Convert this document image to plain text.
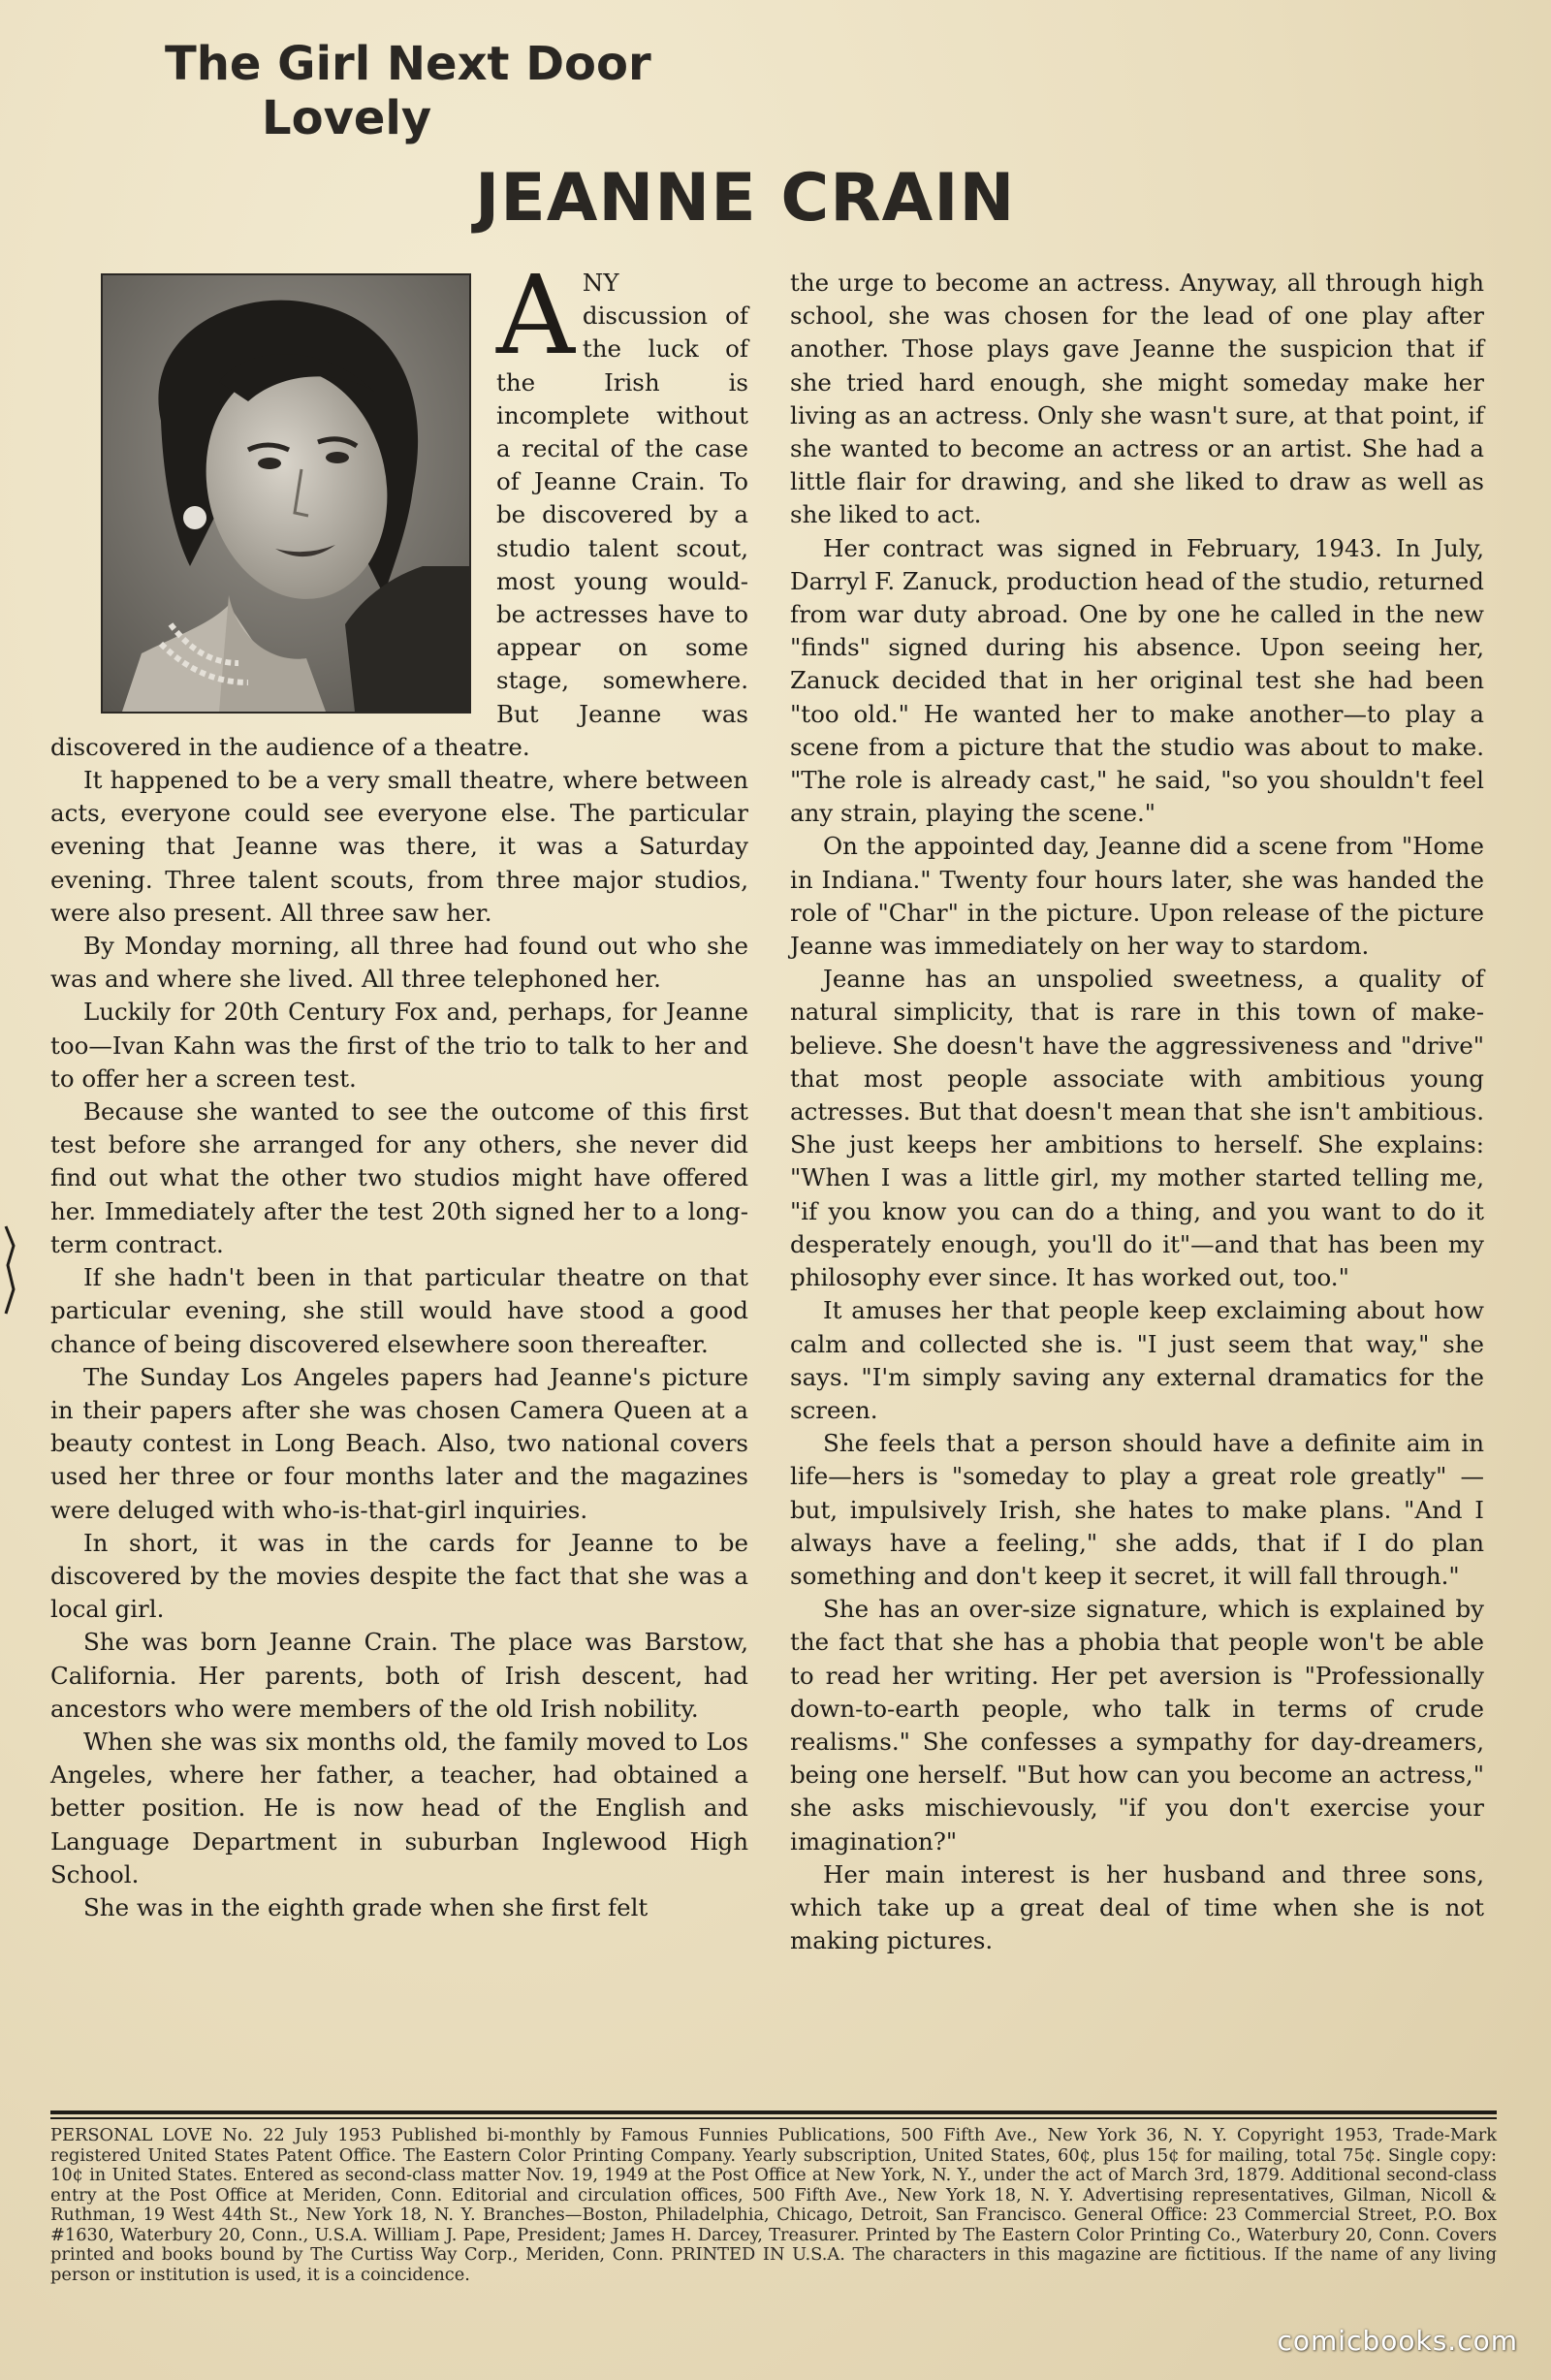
The Girl Next Door
Lovely
JEANNE CRAIN

ANY discussion of the luck of the Irish is incomplete without a recital of the case of Jeanne Crain. To be discovered by a studio talent scout, most young would-be actresses have to appear on some stage, somewhere. But Jeanne was discovered in the audience of a theatre.

It happened to be a very small theatre, where between acts, everyone could see everyone else. The particular evening that Jeanne was there, it was a Saturday evening. Three talent scouts, from three major studios, were also present. All three saw her.

By Monday morning, all three had found out who she was and where she lived. All three telephoned her.

Luckily for 20th Century Fox and, perhaps, for Jeanne too—Ivan Kahn was the first of the trio to talk to her and to offer her a screen test.

Because she wanted to see the outcome of this first test before she arranged for any others, she never did find out what the other two studios might have offered her. Immediately after the test 20th signed her to a long-term contract.

If she hadn't been in that particular theatre on that particular evening, she still would have stood a good chance of being discovered elsewhere soon thereafter.

The Sunday Los Angeles papers had Jeanne's picture in their papers after she was chosen Camera Queen at a beauty contest in Long Beach. Also, two national covers used her three or four months later and the magazines were deluged with who-is-that-girl inquiries.

In short, it was in the cards for Jeanne to be discovered by the movies despite the fact that she was a local girl.

She was born Jeanne Crain. The place was Barstow, California. Her parents, both of Irish descent, had ancestors who were members of the old Irish nobility.

When she was six months old, the family moved to Los Angeles, where her father, a teacher, had obtained a better position. He is now head of the English and Language Department in suburban Inglewood High School.

She was in the eighth grade when she first felt

the urge to become an actress. Anyway, all through high school, she was chosen for the lead of one play after another. Those plays gave Jeanne the suspicion that if she tried hard enough, she might someday make her living as an actress. Only she wasn't sure, at that point, if she wanted to become an actress or an artist. She had a little flair for drawing, and she liked to draw as well as she liked to act.

Her contract was signed in February, 1943. In July, Darryl F. Zanuck, production head of the studio, returned from war duty abroad. One by one he called in the new "finds" signed during his absence. Upon seeing her, Zanuck decided that in her original test she had been "too old." He wanted her to make another—to play a scene from a picture that the studio was about to make. "The role is already cast," he said, "so you shouldn't feel any strain, playing the scene."

On the appointed day, Jeanne did a scene from "Home in Indiana." Twenty four hours later, she was handed the role of "Char" in the picture. Upon release of the picture Jeanne was immediately on her way to stardom.

Jeanne has an unspolied sweetness, a quality of natural simplicity, that is rare in this town of make-believe. She doesn't have the aggressiveness and "drive" that most people associate with ambitious young actresses. But that doesn't mean that she isn't ambitious. She just keeps her ambitions to herself. She explains: "When I was a little girl, my mother started telling me, "if you know you can do a thing, and you want to do it desperately enough, you'll do it"—and that has been my philosophy ever since. It has worked out, too."

It amuses her that people keep exclaiming about how calm and collected she is. "I just seem that way," she says. "I'm simply saving any external dramatics for the screen.

She feels that a person should have a definite aim in life—hers is "someday to play a great role greatly" — but, impulsively Irish, she hates to make plans. "And I always have a feeling," she adds, that if I do plan something and don't keep it secret, it will fall through."

She has an over-size signature, which is explained by the fact that she has a phobia that people won't be able to read her writing. Her pet aversion is "Professionally down-to-earth people, who talk in terms of crude realisms." She confesses a sympathy for day-dreamers, being one herself. "But how can you become an actress," she asks mischievously, "if you don't exercise your imagination?"

Her main interest is her husband and three sons, which take up a great deal of time when she is not making pictures.

PERSONAL LOVE No. 22 July 1953 Published bi-monthly by Famous Funnies Publications, 500 Fifth Ave., New York 36, N. Y. Copyright 1953, Trade-Mark registered United States Patent Office. The Eastern Color Printing Company. Yearly subscription, United States, 60¢, plus 15¢ for mailing, total 75¢. Single copy: 10¢ in United States. Entered as second-class matter Nov. 19, 1949 at the Post Office at New York, N. Y., under the act of March 3rd, 1879. Additional second-class entry at the Post Office at Meriden, Conn. Editorial and circulation offices, 500 Fifth Ave., New York 18, N. Y. Advertising representatives, Gilman, Nicoll & Ruthman, 19 West 44th St., New York 18, N. Y. Branches—Boston, Philadelphia, Chicago, Detroit, San Francisco. General Office: 23 Commercial Street, P.O. Box #1630, Waterbury 20, Conn., U.S.A. William J. Pape, President; James H. Darcey, Treasurer. Printed by The Eastern Color Printing Co., Waterbury 20, Conn. Covers printed and books bound by The Curtiss Way Corp., Meriden, Conn. PRINTED IN U.S.A. The characters in this magazine are fictitious. If the name of any living person or institution is used, it is a coincidence.
comicbooks.com
